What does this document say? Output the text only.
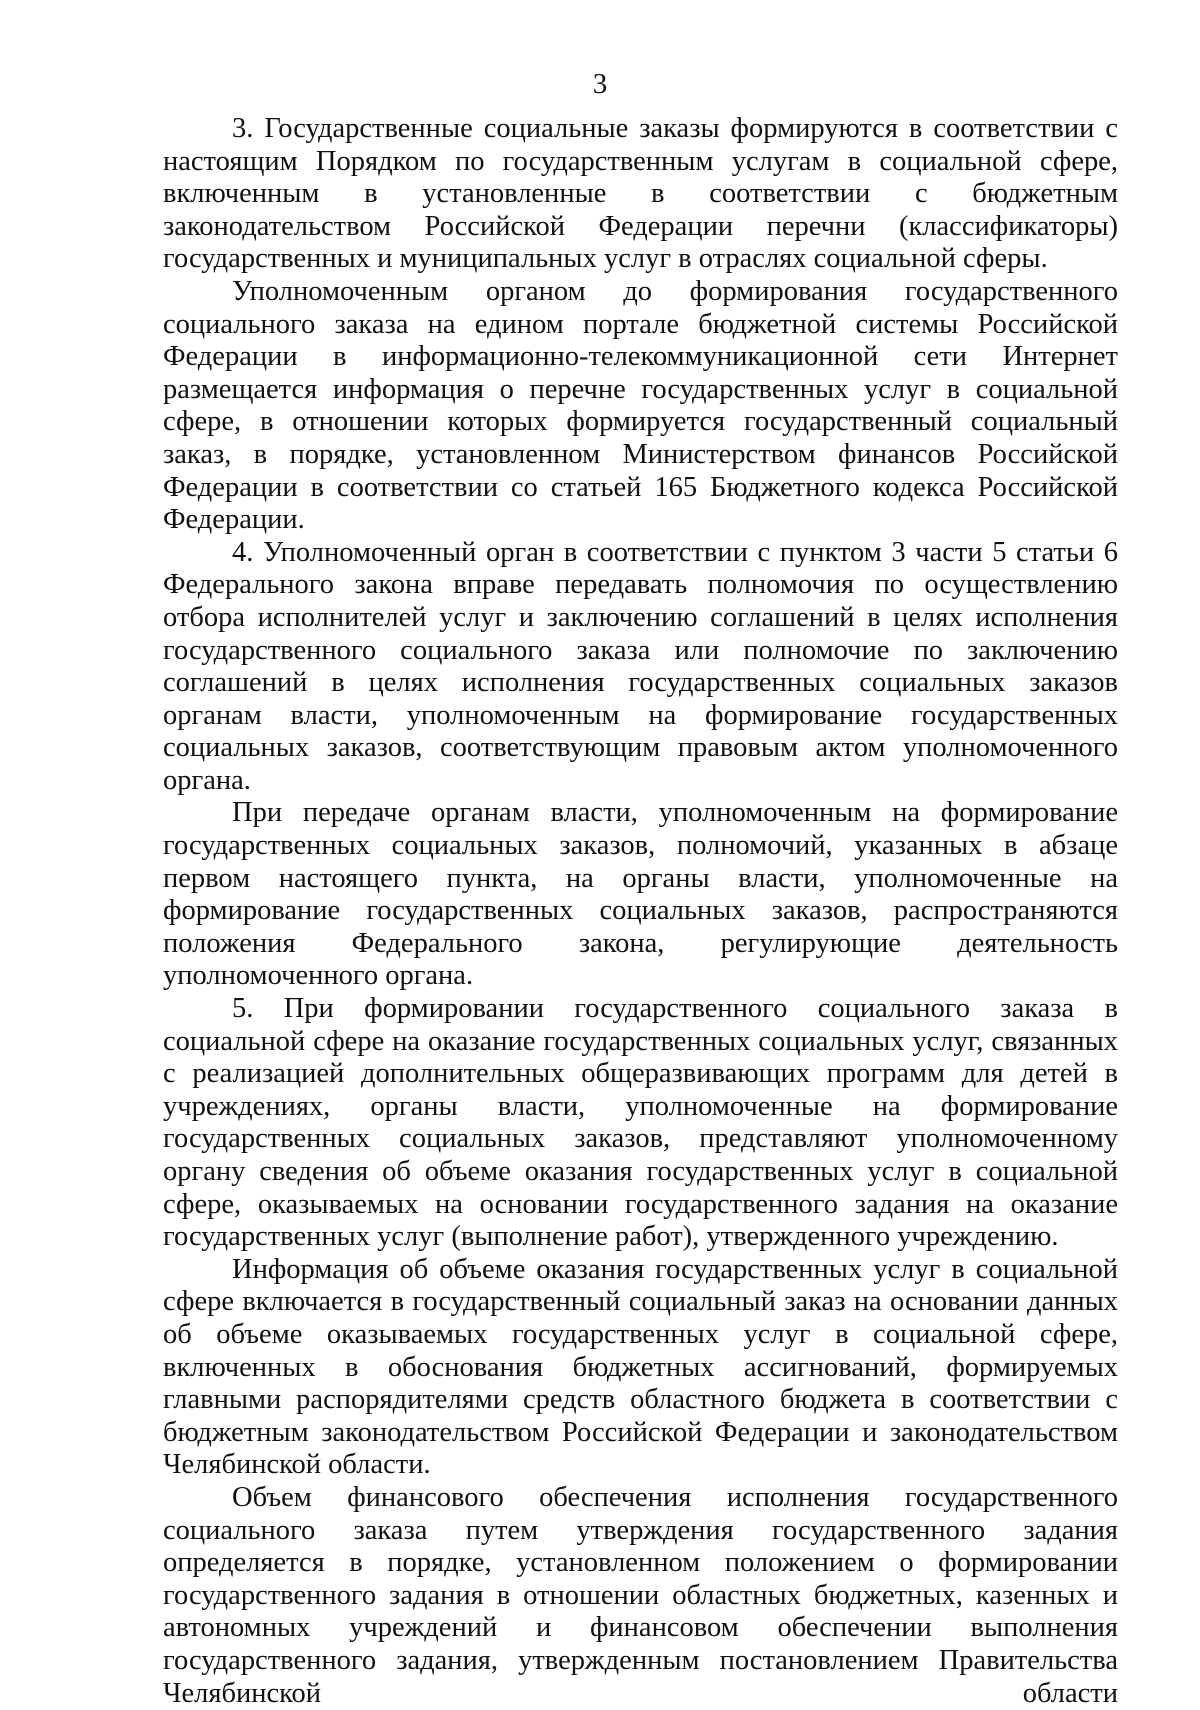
3

3. Государственные социальные заказы формируются в соответствии с настоящим Порядком по государственным услугам в социальной сфере, включенным в установленные в соответствии с бюджетным законодательством Российской Федерации перечни (классификаторы) государственных и муниципальных услуг в отраслях социальной сферы.

Уполномоченным органом до формирования государственного социального заказа на едином портале бюджетной системы Российской Федерации в информационно-телекоммуникационной сети Интернет размещается информация о перечне государственных услуг в социальной сфере, в отношении которых формируется государственный социальный заказ, в порядке, установленном Министерством финансов Российской Федерации в соответствии со статьей 165 Бюджетного кодекса Российской Федерации.

4. Уполномоченный орган в соответствии с пунктом 3 части 5 статьи 6 Федерального закона вправе передавать полномочия по осуществлению отбора исполнителей услуг и заключению соглашений в целях исполнения государственного социального заказа или полномочие по заключению соглашений в целях исполнения государственных социальных заказов органам власти, уполномоченным на формирование государственных социальных заказов, соответствующим правовым актом уполномоченного органа.

При передаче органам власти, уполномоченным на формирование государственных социальных заказов, полномочий, указанных в абзаце первом настоящего пункта, на органы власти, уполномоченные на формирование государственных социальных заказов, распространяются положения Федерального закона, регулирующие деятельность уполномоченного органа.

5. При формировании государственного социального заказа в социальной сфере на оказание государственных социальных услуг, связанных с реализацией дополнительных общеразвивающих программ для детей в учреждениях, органы власти, уполномоченные на формирование государственных социальных заказов, представляют уполномоченному органу сведения об объеме оказания государственных услуг в социальной сфере, оказываемых на основании государственного задания на оказание государственных услуг (выполнение работ), утвержденного учреждению.

Информация об объеме оказания государственных услуг в социальной сфере включается в государственный социальный заказ на основании данных об объеме оказываемых государственных услуг в социальной сфере, включенных в обоснования бюджетных ассигнований, формируемых главными распорядителями средств областного бюджета в соответствии с бюджетным законодательством Российской Федерации и законодательством Челябинской области.

Объем финансового обеспечения исполнения государственного социального заказа путем утверждения государственного задания определяется в порядке, установленном положением о формировании государственного задания в отношении областных бюджетных, казенных и автономных учреждений и финансовом обеспечении выполнения государственного задания, утвержденным постановлением Правительства Челябинской области
